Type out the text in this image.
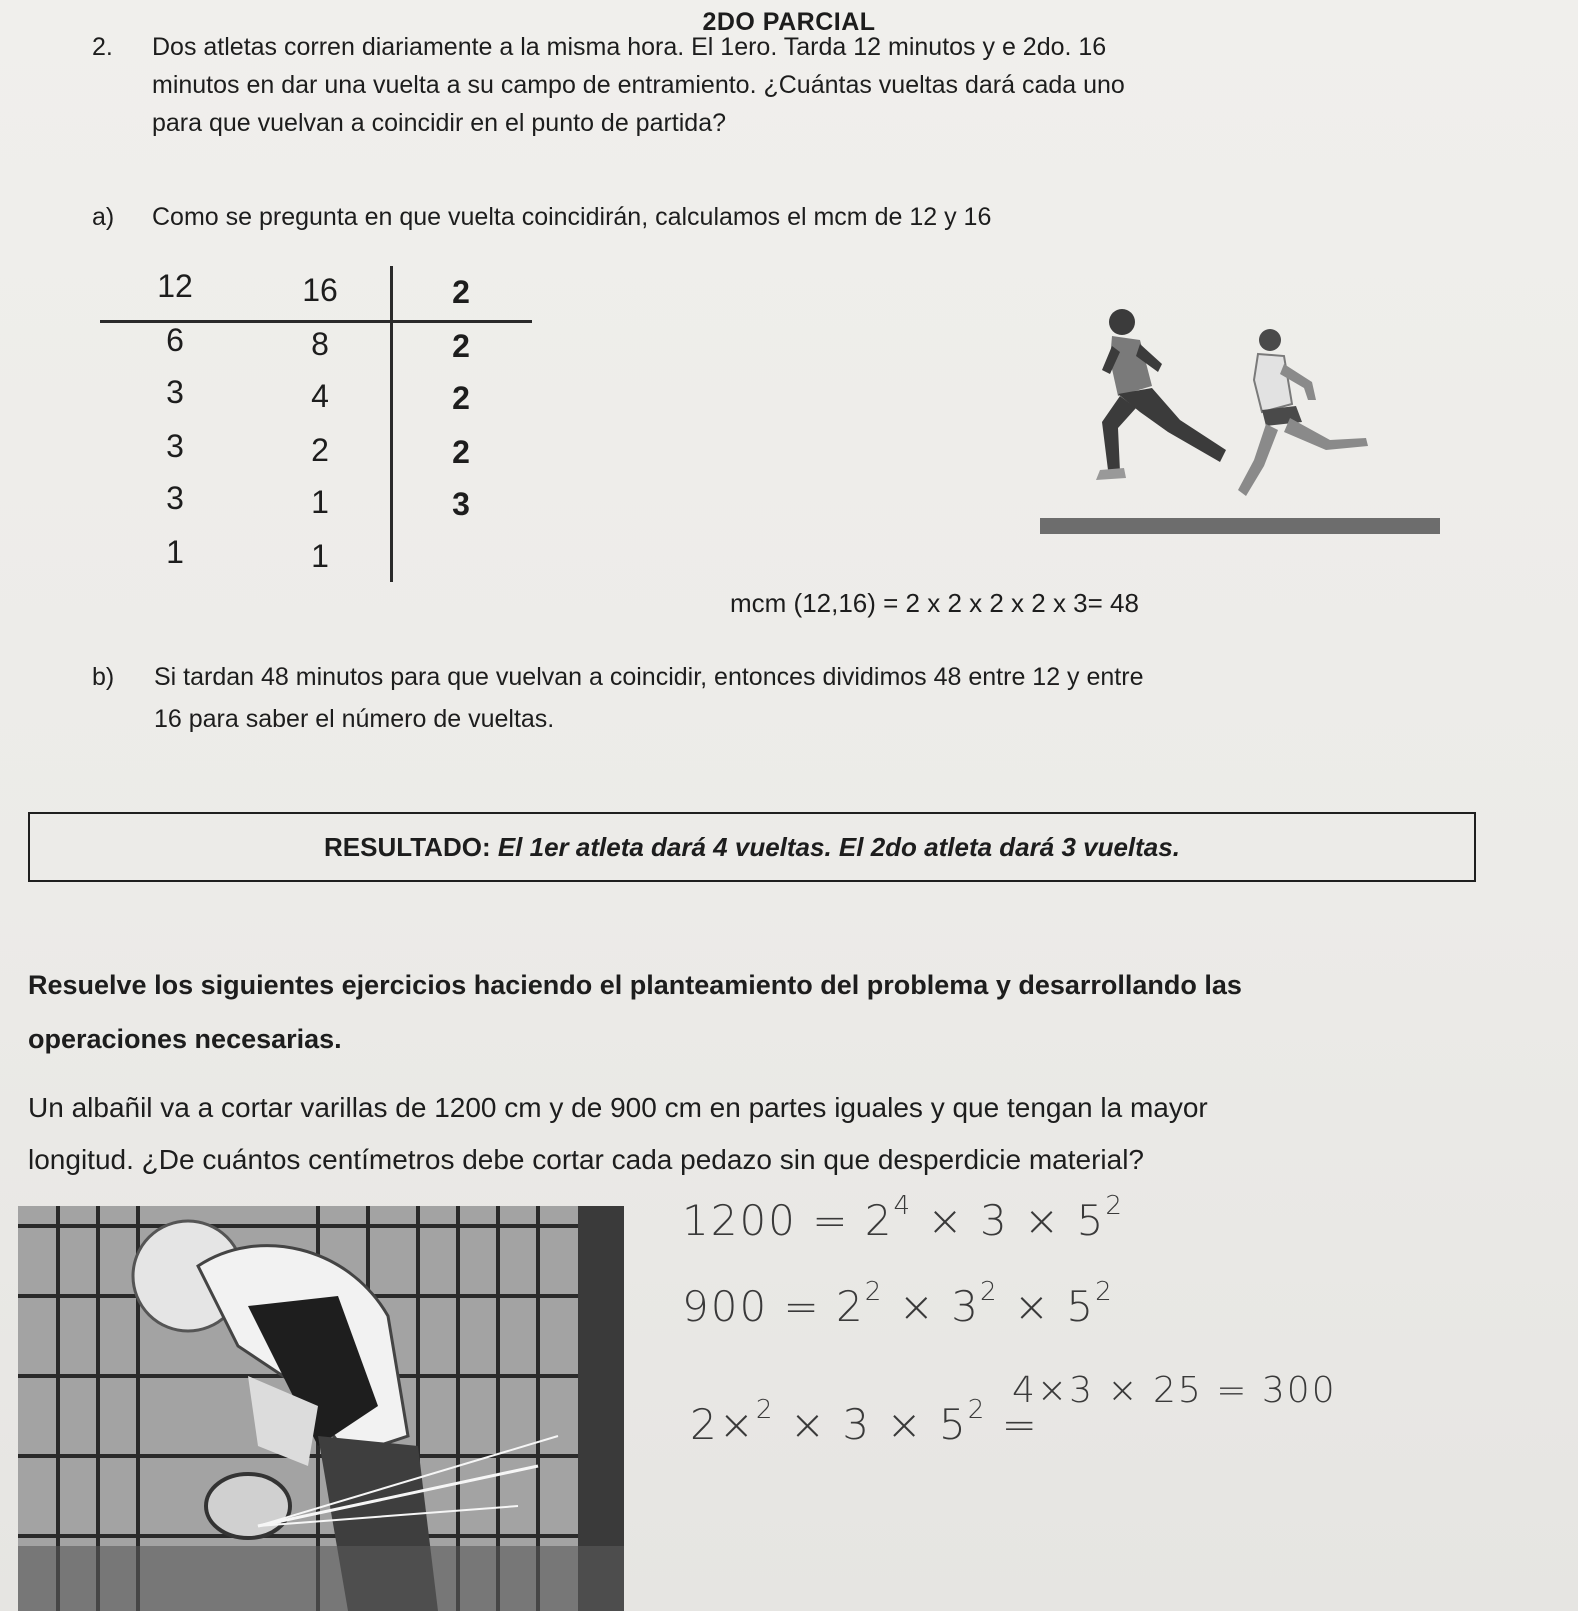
2DO PARCIAL
2. Dos atletas corren diariamente a la misma hora. El 1ero. Tarda 12 minutos y e 2do. 16
minutos en dar una vuelta a su campo de entramiento. ¿Cuántas vueltas dará cada uno
para que vuelvan a coincidir en el punto de partida?
a) Como se pregunta en que vuelta coincidirán, calculamos el mcm de 12 y 16
12	16	2
6	8	2
3	4	2
3	2	2
3	1	3
1	1
mcm (12,16) = 2 x 2 x 2 x 2 x 3= 48
b) Si tardan 48 minutos para que vuelvan a coincidir, entonces dividimos 48 entre 12 y entre
16 para saber el número de vueltas.
RESULTADO: El 1er atleta dará 4 vueltas. El 2do atleta dará 3 vueltas.
Resuelve los siguientes ejercicios haciendo el planteamiento del problema y desarrollando las
operaciones necesarias.
Un albañil va a cortar varillas de 1200 cm y de 900 cm en partes iguales y que tengan la mayor
longitud. ¿De cuántos centímetros debe cortar cada pedazo sin que desperdicie material?
$1200 = 2^4 \times 3 \times 5^2$
$900 = 2^2 \times 3^2 \times 5^2$
$2\times^2 \times 3 \times 5^2$ =
4×3 × 25 = 300
